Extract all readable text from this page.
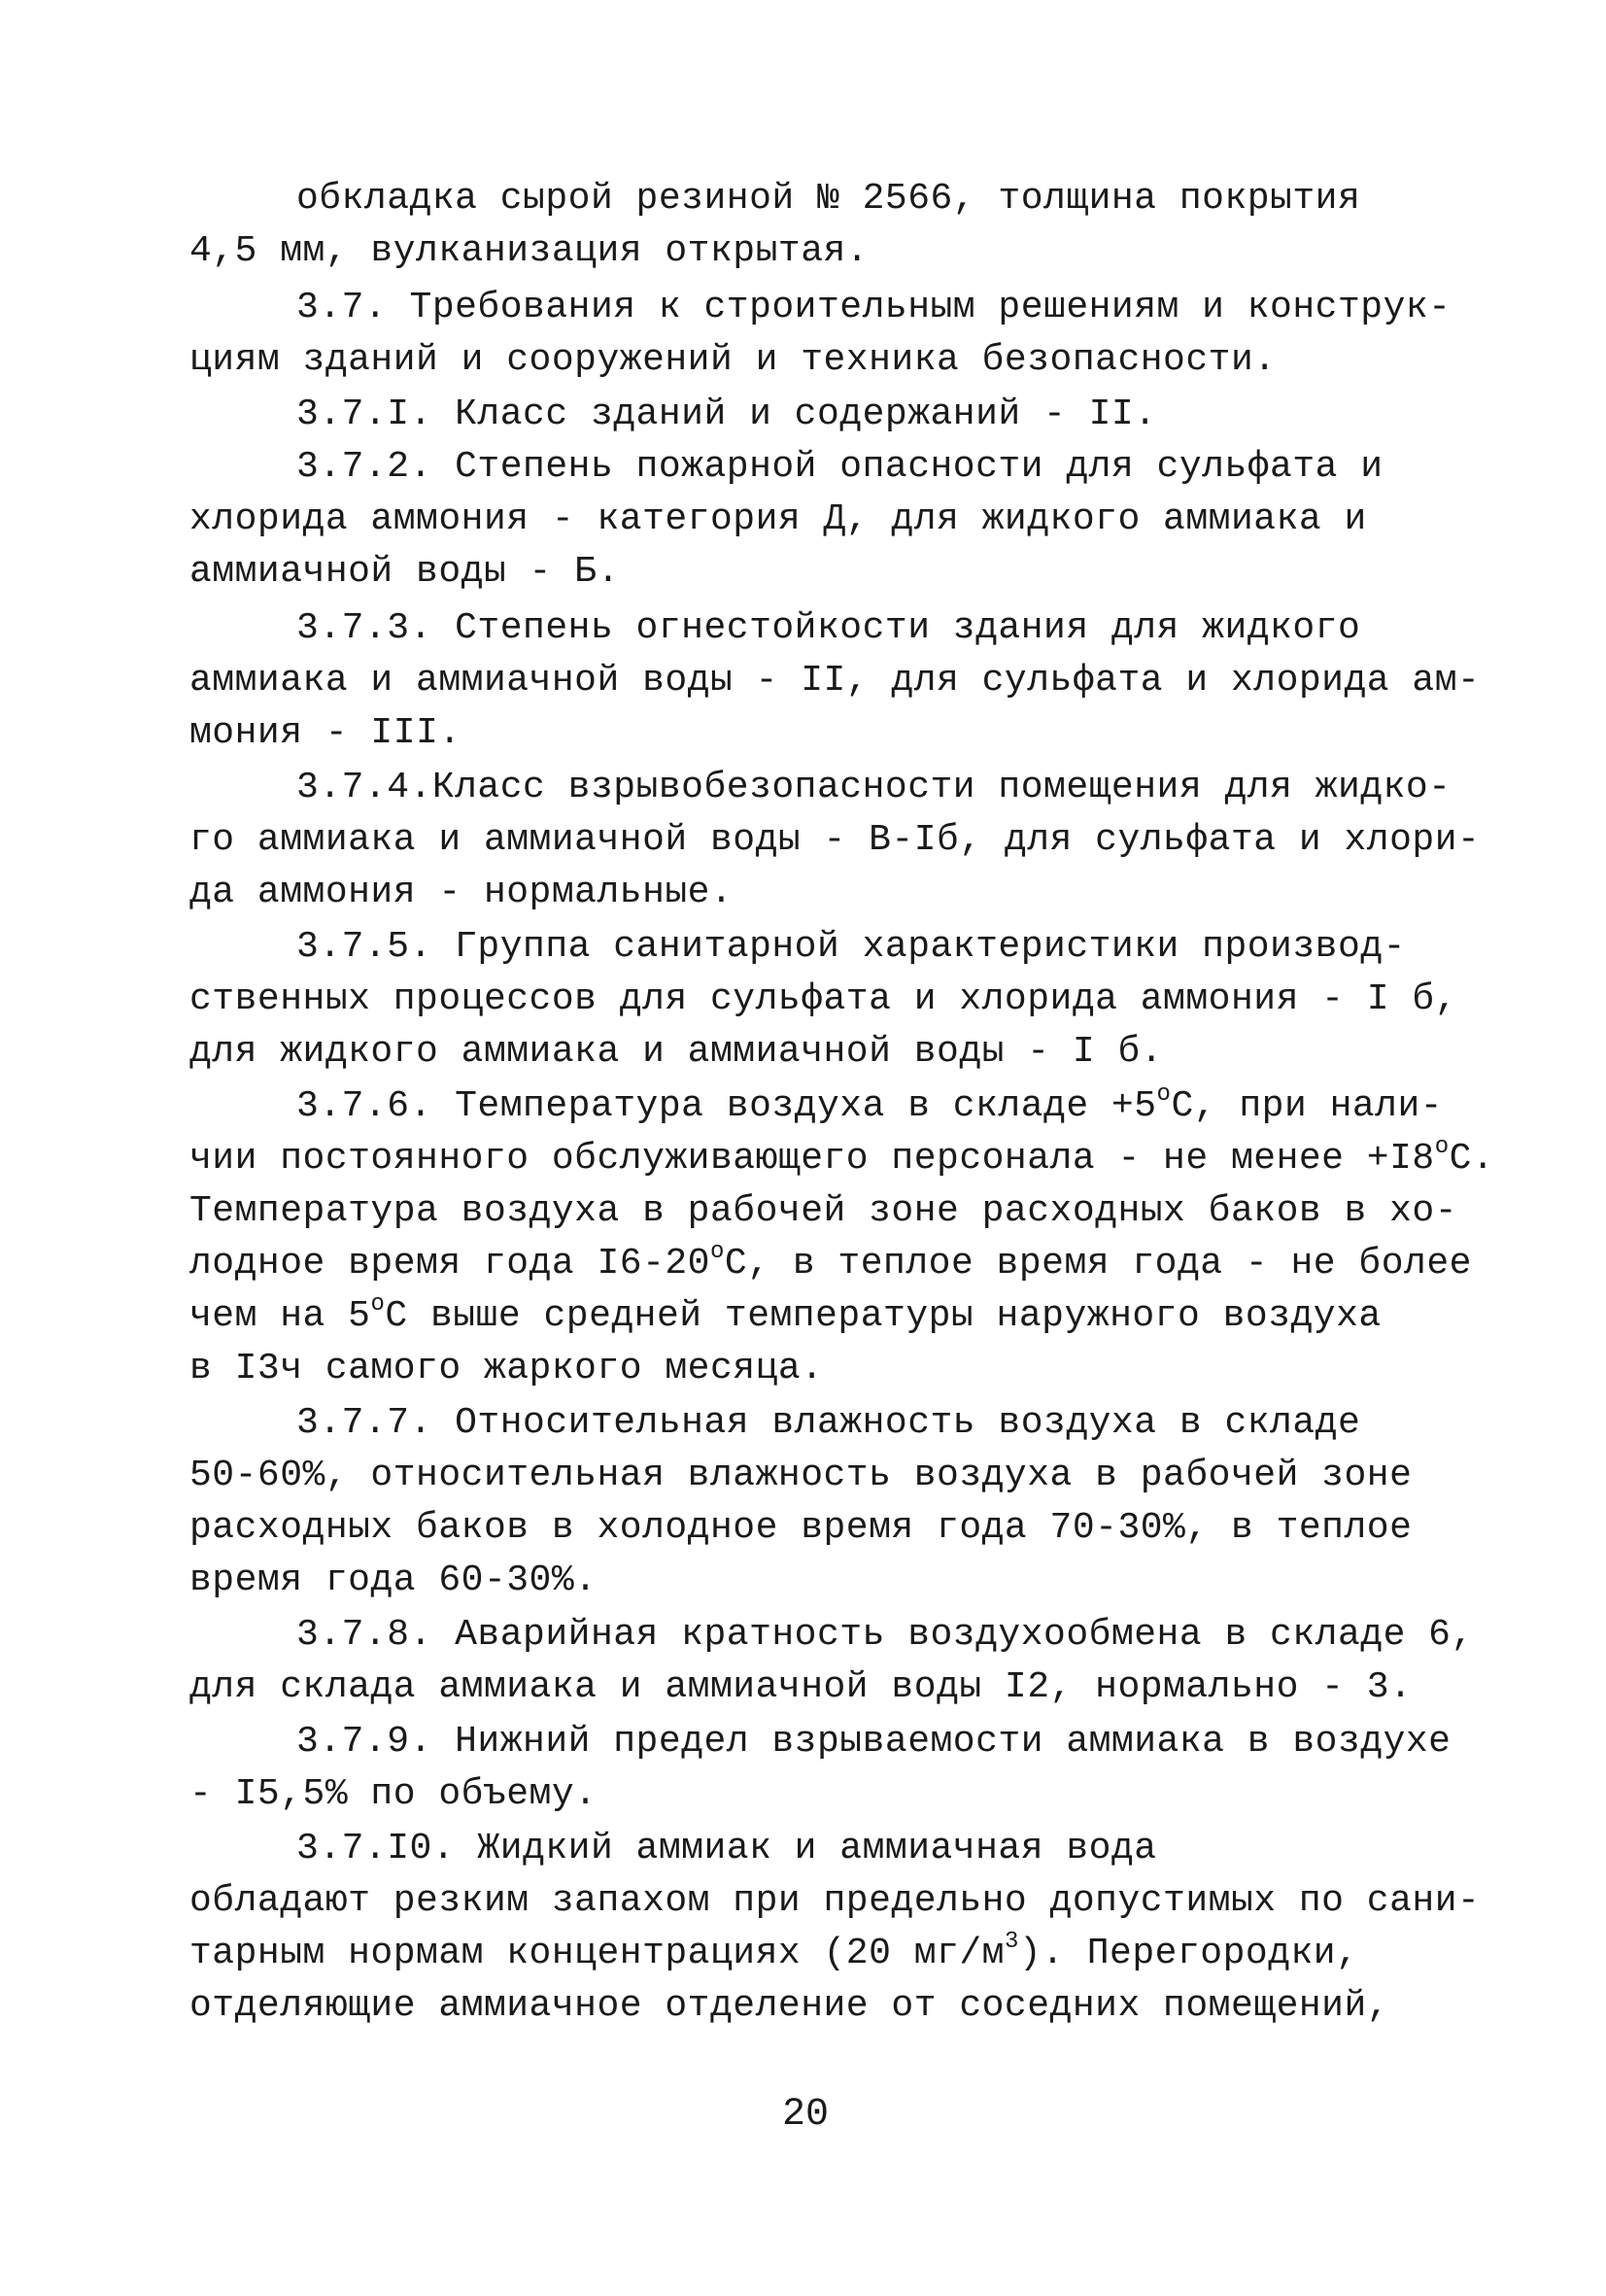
обкладка сырой резиной № 2566, толщина покрытия
4,5 мм, вулканизация открытая.
3.7. Требования к строительным решениям и конструк-
циям зданий и сооружений и техника безопасности.
3.7.I. Класс зданий и содержаний - II.
3.7.2. Степень пожарной опасности для сульфата и
хлорида аммония - категория Д, для жидкого аммиака и
аммиачной воды - Б.
3.7.3. Степень огнестойкости здания для жидкого
аммиака и аммиачной воды - II, для сульфата и хлорида ам-
мония - III.
3.7.4.Класс взрывобезопасности помещения для жидко-
го аммиака и аммиачной воды - В-Iб, для сульфата и хлори-
да аммония - нормальные.
3.7.5. Группа санитарной характеристики производ-
ственных процессов для сульфата и хлорида аммония - I б,
для жидкого аммиака и аммиачной воды - I б.
3.7.6. Температура воздуха в складе $+5^оС$, при нали-
чии постоянного обслуживающего персонала - не менее $+I8^оС$.
Температура воздуха в рабочей зоне расходных баков в хо-
лодное время года $I6-20^оС$, в теплое время года - не более
чем на $5^оС$ выше средней температуры наружного воздуха
в I3ч самого жаркого месяца.
3.7.7. Относительная влажность воздуха в складе
50-60%, относительная влажность воздуха в рабочей зоне
расходных баков в холодное время года 70-30%, в теплое
время года 60-30%.
3.7.8. Аварийная кратность воздухообмена в складе 6,
для склада аммиака и аммиачной воды I2, нормально - 3.
3.7.9. Нижний предел взрываемости аммиака в воздухе
- I5,5% по объему.
3.7.I0. Жидкий аммиак и аммиачная вода
обладают резким запахом при предельно допустимых по сани-
тарным нормам концентрациях (20 $мг/м^3$). Перегородки,
отделяющие аммиачное отделение от соседних помещений,
20
